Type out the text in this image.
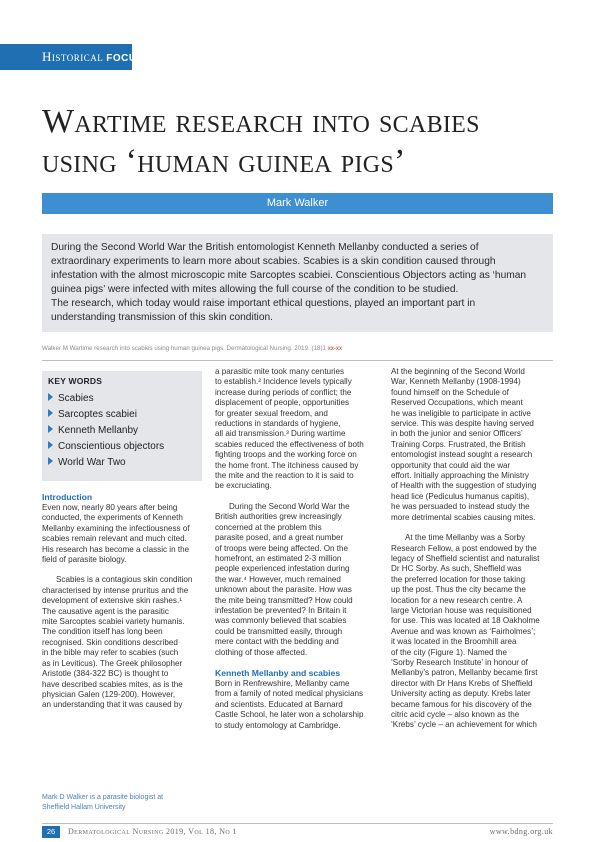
Historical FOCUS
Wartime research into scabies
using ‘human guinea pigs’
Mark Walker
During the Second World War the British entomologist Kenneth Mellanby conducted a series of
extraordinary experiments to learn more about scabies. Scabies is a skin condition caused through
infestation with the almost microscopic mite Sarcoptes scabiei. Conscientious Objectors acting as ‘human
guinea pigs’ were infected with mites allowing the full course of the condition to be studied.
The research, which today would raise important ethical questions, played an important part in
understanding transmission of this skin condition.
Walker M Wartime research into scabies using human guinea pigs. Dermatological Nursing. 2019. (18)1 xx-xx
KEY WORDS
Scabies
Sarcoptes scabiei
Kenneth Mellanby
Conscientious objectors
World War Two

Introduction

Even now, nearly 80 years after being

conducted, the experiments of Kenneth

Mellanby examining the infectiousness of

scabies remain relevant and much cited.

His research has become a classic in the

field of parasite biology.

Scabies is a contagious skin condition

characterised by intense pruritus and the

development of extensive skin rashes.¹

The causative agent is the parasitic

mite Sarcoptes scabiei variety humanis.

The condition itself has long been

recognised. Skin conditions described

in the bible may refer to scabies (such

as in Leviticus). The Greek philosopher

Aristotle (384-322 BC) is thought to

have described scabies mites, as is the

physician Galen (129-200). However,

an understanding that it was caused by

a parasitic mite took many centuries

to establish.² Incidence levels typically

increase during periods of conflict; the

displacement of people, opportunities

for greater sexual freedom, and

reductions in standards of hygiene,

all aid transmission.³ During wartime

scabies reduced the effectiveness of both

fighting troops and the working force on

the home front. The itchiness caused by

the mite and the reaction to it is said to

be excruciating.

During the Second World War the

British authorities grew increasingly

concerned at the problem this

parasite posed, and a great number

of troops were being affected. On the

homefront, an estimated 2-3 million

people experienced infestation during

the war.⁴ However, much remained

unknown about the parasite. How was

the mite being transmitted? How could

infestation be prevented? In Britain it

was commonly believed that scabies

could be transmitted easily, through

mere contact with the bedding and

clothing of those affected.

Kenneth Mellanby and scabies

Born in Renfrewshire, Mellanby came

from a family of noted medical physicians

and scientists. Educated at Barnard

Castle School, he later won a scholarship

to study entomology at Cambridge.

At the beginning of the Second World

War, Kenneth Mellanby (1908-1994)

found himself on the Schedule of

Reserved Occupations, which meant

he was ineligible to participate in active

service. This was despite having served

in both the junior and senior Officers’

Training Corps. Frustrated, the British

entomologist instead sought a research

opportunity that could aid the war

effort. Initially approaching the Ministry

of Health with the suggestion of studying

head lice (Pediculus humanus capitis),

he was persuaded to instead study the

more detrimental scabies causing mites.

At the time Mellanby was a Sorby

Research Fellow, a post endowed by the

legacy of Sheffield scientist and naturalist

Dr HC Sorby. As such, Sheffield was

the preferred location for those taking

up the post. Thus the city became the

location for a new research centre. A

large Victorian house was requisitioned

for use. This was located at 18 Oakholme

Avenue and was known as ‘Fairholmes’;

it was located in the Broomhill area

of the city (Figure 1). Named the

‘Sorby Research Institute’ in honour of

Mellanby’s patron, Mellanby became first

director with Dr Hans Krebs of Sheffield

University acting as deputy. Krebs later

became famous for his discovery of the

citric acid cycle – also known as the

‘Krebs’ cycle – an achievement for which

Mark D Walker is a parasite biologist at
Sheffield Hallam University
26	Dermatological Nursing 2019, Vol 18, No 1	www.bdng.org.uk
